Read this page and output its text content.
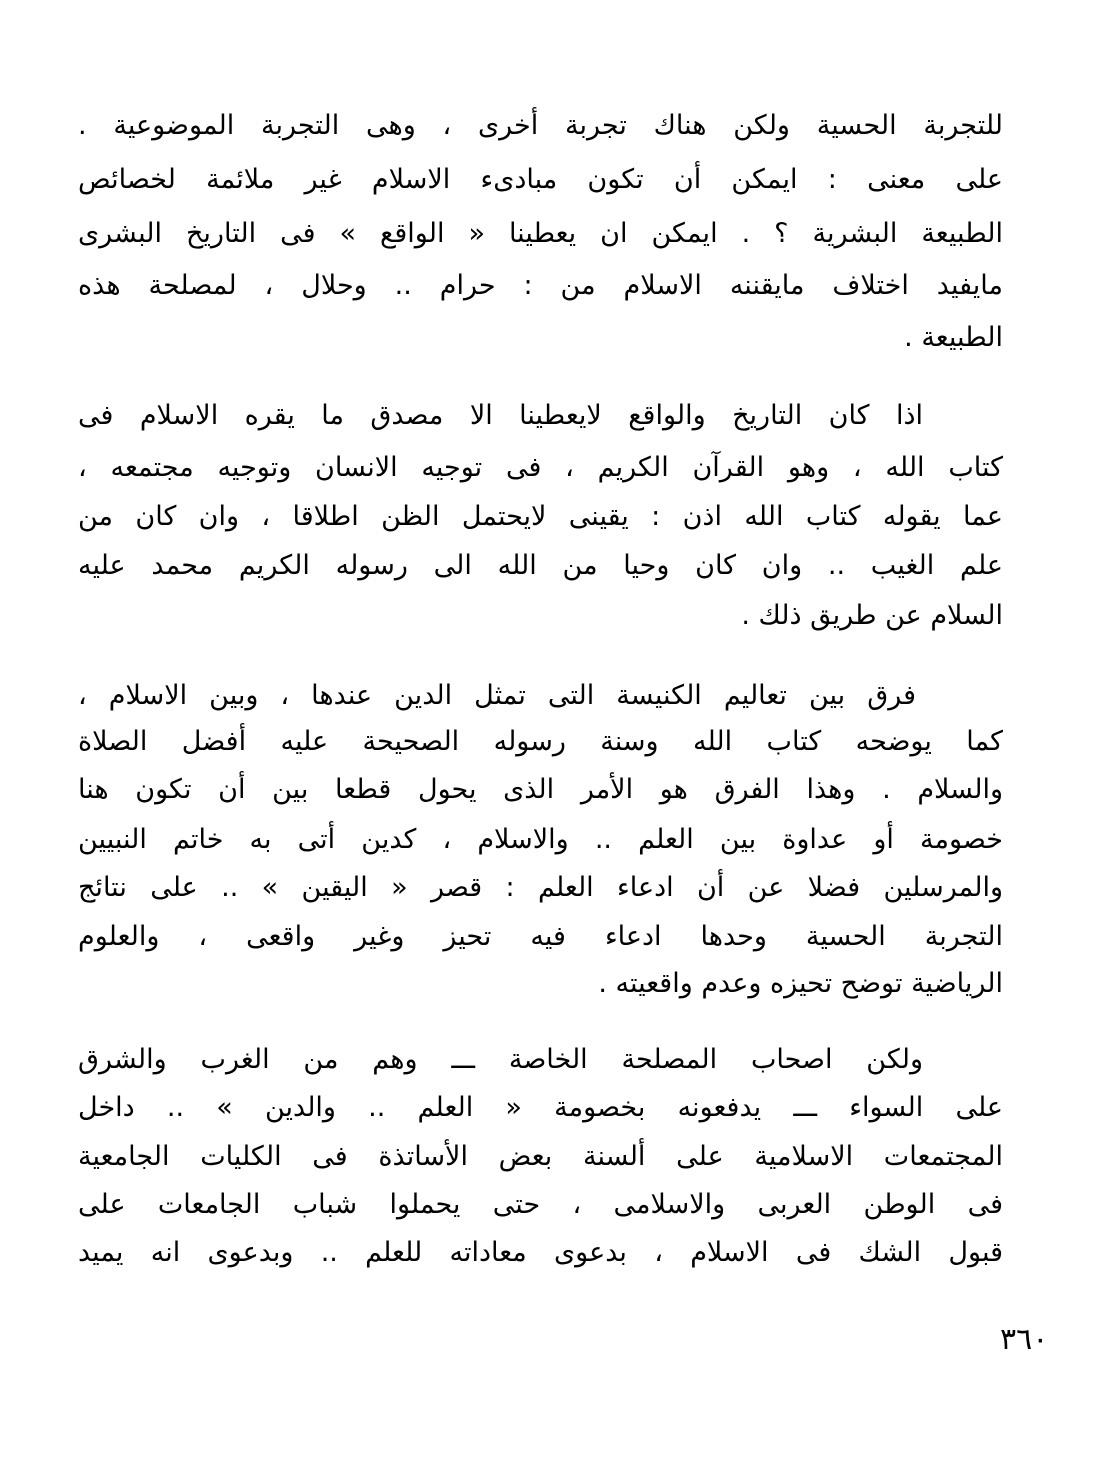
للتجربة الحسية ولكن هناك تجربة أخرى ، وهى التجربة الموضوعية .
على معنى : ايمكن أن تكون مبادىء الاسلام غير ملائمة لخصائص
الطبيعة البشرية ؟ . ايمكن ان يعطينا « الواقع » فى التاريخ البشرى
مايفيد اختلاف مايقننه الاسلام من : حرام .. وحلال ، لمصلحة هذه
الطبيعة .
اذا كان التاريخ والواقع لايعطينا الا مصدق ما يقره الاسلام فى
كتاب الله ، وهو القرآن الكريم ، فى توجيه الانسان وتوجيه مجتمعه ،
عما يقوله كتاب الله اذن : يقينى لايحتمل الظن اطلاقا ، وان كان من
علم الغيب .. وان كان وحيا من الله الى رسوله الكريم محمد عليه
السلام عن طريق ذلك .
فرق بين تعاليم الكنيسة التى تمثل الدين عندها ، وبين الاسلام ،
كما يوضحه كتاب الله وسنة رسوله الصحيحة عليه أفضل الصلاة
والسلام . وهذا الفرق هو الأمر الذى يحول قطعا بين أن تكون هنا
خصومة أو عداوة بين العلم .. والاسلام ، كدين أتى به خاتم النبيين
والمرسلين فضلا عن أن ادعاء العلم : قصر « اليقين » .. على نتائج
التجربة الحسية وحدها ادعاء فيه تحيز وغير واقعى ، والعلوم
الرياضية توضح تحيزه وعدم واقعيته .
ولكن اصحاب المصلحة الخاصة ـــ وهم من الغرب والشرق
على السواء ـــ يدفعونه بخصومة « العلم .. والدين » .. داخل
المجتمعات الاسلامية على ألسنة بعض الأساتذة فى الكليات الجامعية
فى الوطن العربى والاسلامى ، حتى يحملوا شباب الجامعات على
قبول الشك فى الاسلام ، بدعوى معاداته للعلم .. وبدعوى انه يميد
٣٦٠
